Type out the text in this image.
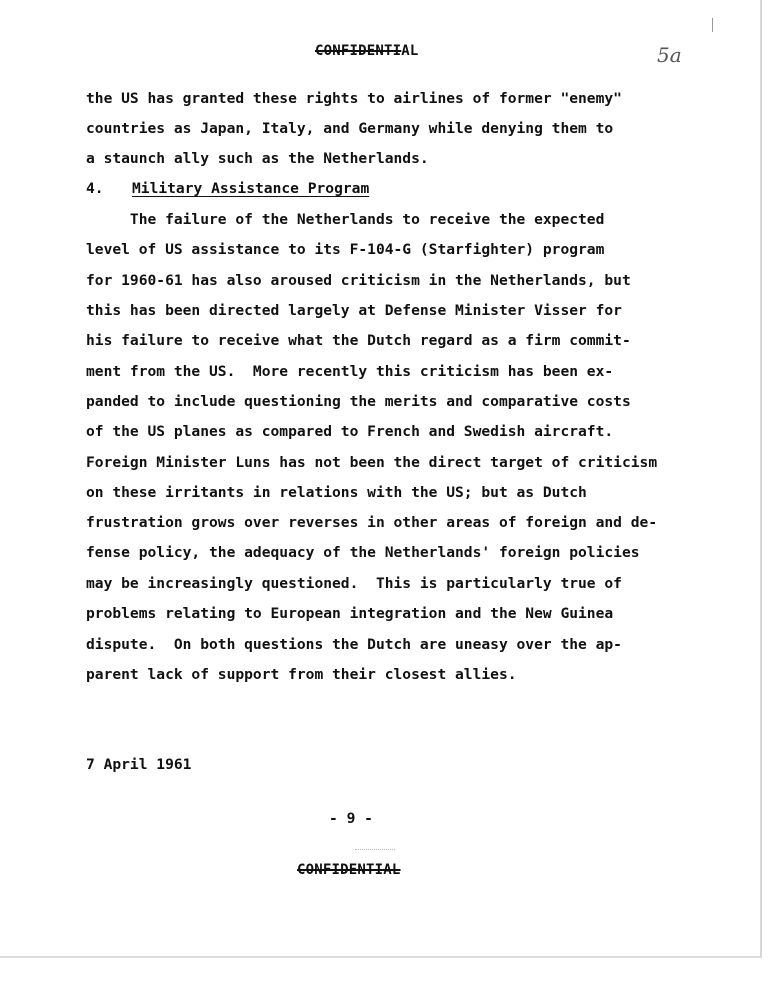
CONFIDENTIAL	5a
the US has granted these rights to airlines of former "enemy"
countries as Japan, Italy, and Germany while denying them to
a staunch ally such as the Netherlands.
4. Military Assistance Program
The failure of the Netherlands to receive the expected
level of US assistance to its F-104-G (Starfighter) program
for 1960-61 has also aroused criticism in the Netherlands, but
this has been directed largely at Defense Minister Visser for
his failure to receive what the Dutch regard as a firm commit-
ment from the US.  More recently this criticism has been ex-
panded to include questioning the merits and comparative costs
of the US planes as compared to French and Swedish aircraft.
Foreign Minister Luns has not been the direct target of criticism
on these irritants in relations with the US; but as Dutch
frustration grows over reverses in other areas of foreign and de-
fense policy, the adequacy of the Netherlands' foreign policies
may be increasingly questioned.  This is particularly true of
problems relating to European integration and the New Guinea
dispute.  On both questions the Dutch are uneasy over the ap-
parent lack of support from their closest allies.
7 April 1961
- 9 -
CONFIDENTIAL
